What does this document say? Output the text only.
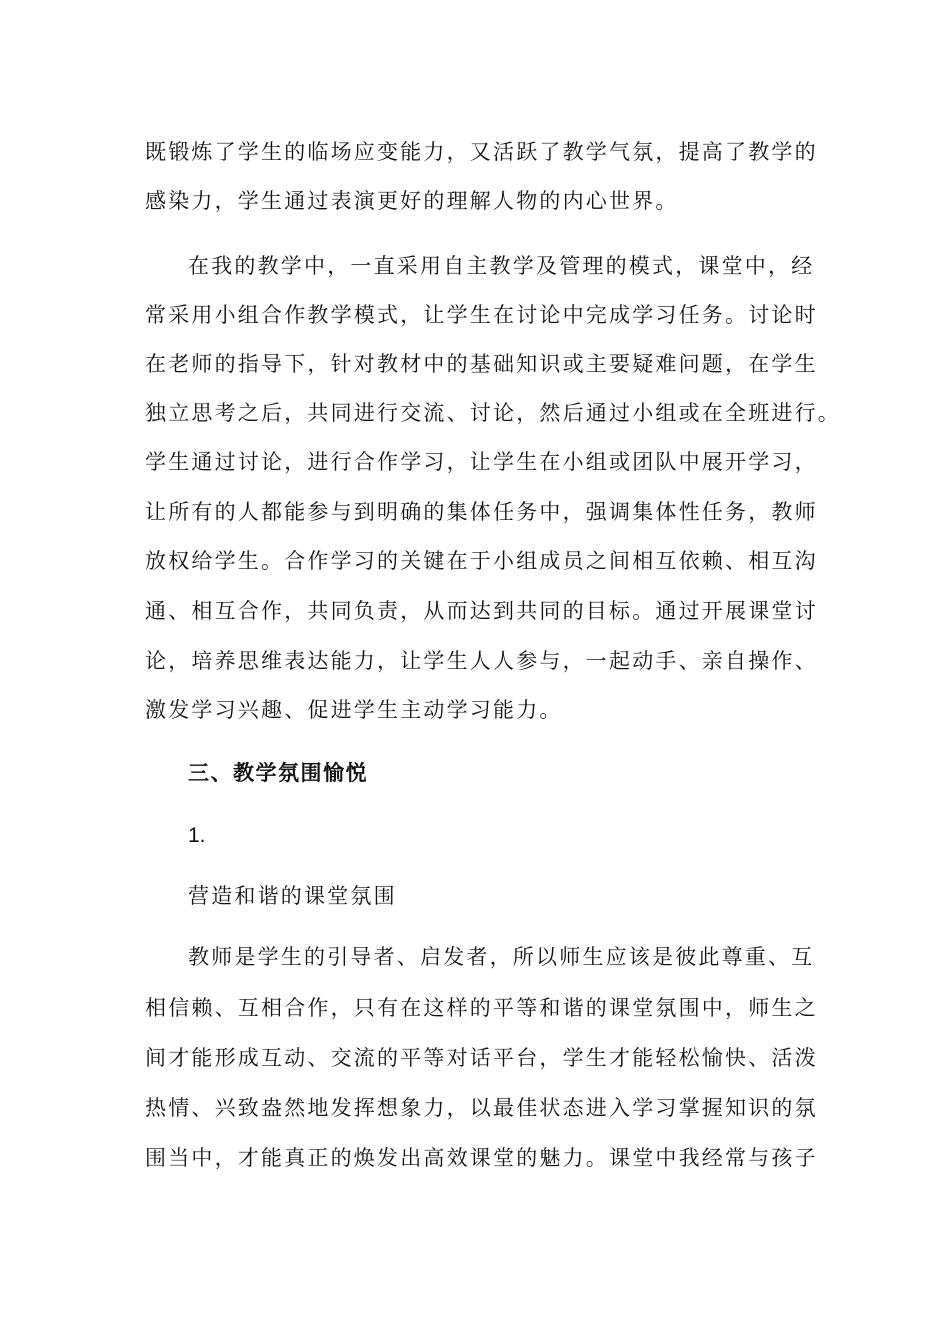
既锻炼了学生的临场应变能力，又活跃了教学气氛，提高了教学的
感染力，学生通过表演更好的理解人物的内心世界。
在我的教学中，一直采用自主教学及管理的模式，课堂中，经
常采用小组合作教学模式，让学生在讨论中完成学习任务。讨论时
在老师的指导下，针对教材中的基础知识或主要疑难问题，在学生
独立思考之后，共同进行交流、讨论，然后通过小组或在全班进行。
学生通过讨论，进行合作学习，让学生在小组或团队中展开学习，
让所有的人都能参与到明确的集体任务中，强调集体性任务，教师
放权给学生。合作学习的关键在于小组成员之间相互依赖、相互沟
通、相互合作，共同负责，从而达到共同的目标。通过开展课堂讨
论，培养思维表达能力，让学生人人参与，一起动手、亲自操作、
激发学习兴趣、促进学生主动学习能力。
三、教学氛围愉悦
1.
营造和谐的课堂氛围
教师是学生的引导者、启发者，所以师生应该是彼此尊重、互
相信赖、互相合作，只有在这样的平等和谐的课堂氛围中，师生之
间才能形成互动、交流的平等对话平台，学生才能轻松愉快、活泼
热情、兴致盎然地发挥想象力，以最佳状态进入学习掌握知识的氛
围当中，才能真正的焕发出高效课堂的魅力。课堂中我经常与孩子
